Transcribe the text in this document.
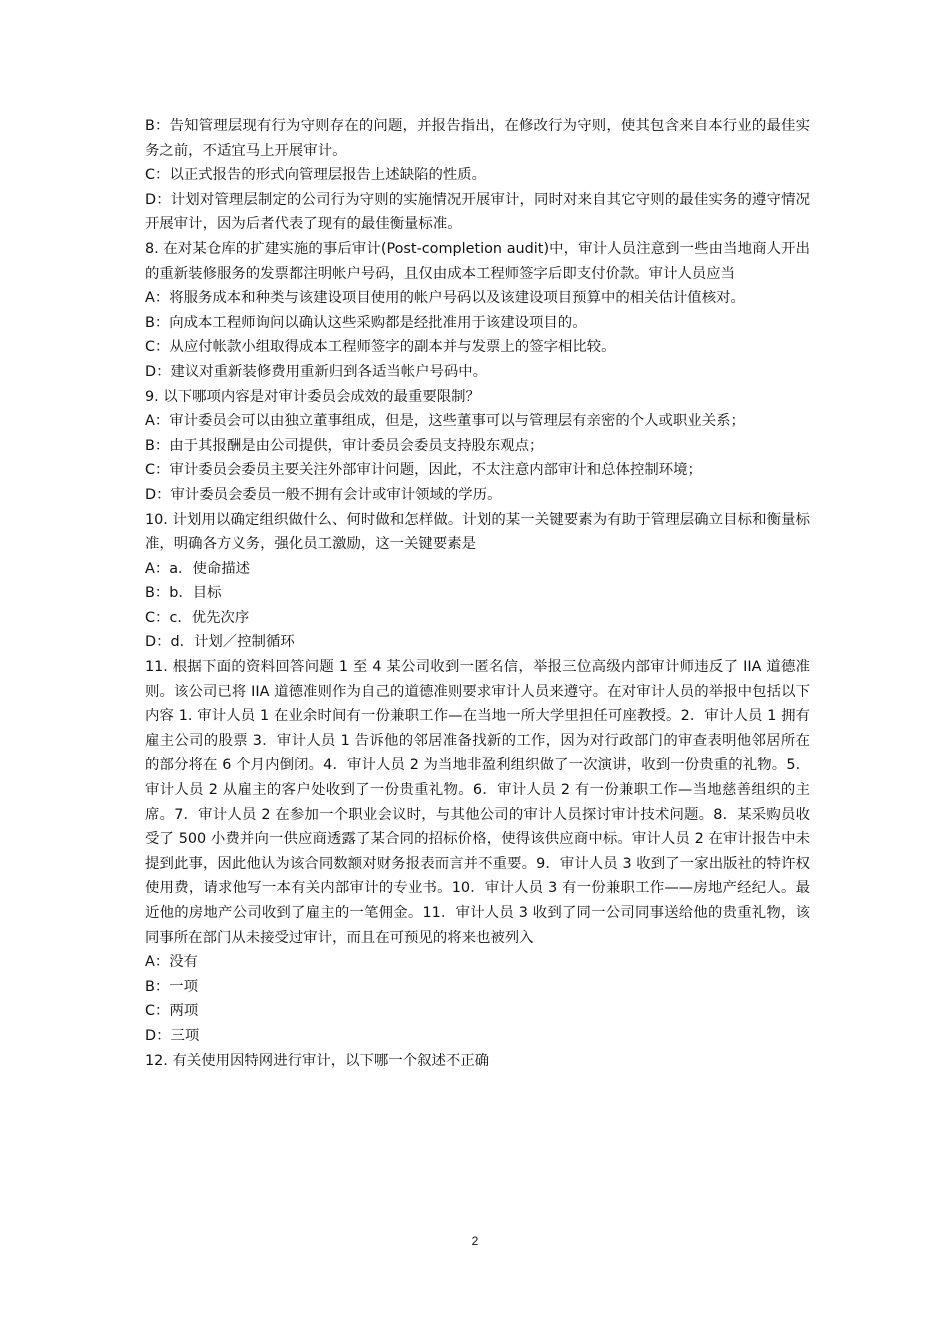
B：告知管理层现有行为守则存在的问题，并报告指出，在修改行为守则，使其包含来自本行业的最佳实务之前，不适宜马上开展审计。

C：以正式报告的形式向管理层报告上述缺陷的性质。

D：计划对管理层制定的公司行为守则的实施情况开展审计，同时对来自其它守则的最佳实务的遵守情况开展审计，因为后者代表了现有的最佳衡量标准。

8. 在对某仓库的扩建实施的事后审计(Post-completion audit)中，审计人员注意到一些由当地商人开出的重新装修服务的发票都注明帐户号码，且仅由成本工程师签字后即支付价款。审计人员应当

A：将服务成本和种类与该建设项目使用的帐户号码以及该建设项目预算中的相关估计值核对。

B：向成本工程师询问以确认这些采购都是经批准用于该建设项目的。

C：从应付帐款小组取得成本工程师签字的副本并与发票上的签字相比较。

D：建议对重新装修费用重新归到各适当帐户号码中。

9. 以下哪项内容是对审计委员会成效的最重要限制？

A：审计委员会可以由独立董事组成，但是，这些董事可以与管理层有亲密的个人或职业关系；

B：由于其报酬是由公司提供，审计委员会委员支持股东观点；

C：审计委员会委员主要关注外部审计问题，因此，不太注意内部审计和总体控制环境；

D：审计委员会委员一般不拥有会计或审计领域的学历。

10. 计划用以确定组织做什么、何时做和怎样做。计划的某一关键要素为有助于管理层确立目标和衡量标准，明确各方义务，强化员工激励，这一关键要素是

A：a．使命描述

B：b．目标

C：c．优先次序

D：d．计划／控制循环

11. 根据下面的资料回答问题 1 至 4 某公司收到一匿名信，举报三位高级内部审计师违反了 IIA 道德准则。该公司已将 IIA 道德准则作为自己的道德准则要求审计人员来遵守。在对审计人员的举报中包括以下内容 1. 审计人员 1 在业余时间有一份兼职工作—在当地一所大学里担任可座教授。2．审计人员 1 拥有雇主公司的股票 3．审计人员 1 告诉他的邻居准备找新的工作，因为对行政部门的审查表明他邻居所在的部分将在 6 个月内倒闭。4．审计人员 2 为当地非盈利组织做了一次演讲，收到一份贵重的礼物。5．审计人员 2 从雇主的客户处收到了一份贵重礼物。6．审计人员 2 有一份兼职工作—当地慈善组织的主席。7．审计人员 2 在参加一个职业会议时，与其他公司的审计人员探讨审计技术问题。8．某采购员收受了 500 小费并向一供应商透露了某合同的招标价格，使得该供应商中标。审计人员 2 在审计报告中未提到此事，因此他认为该合同数额对财务报表而言并不重要。9．审计人员 3 收到了一家出版社的特许权使用费，请求他写一本有关内部审计的专业书。10．审计人员 3 有一份兼职工作——房地产经纪人。最近他的房地产公司收到了雇主的一笔佣金。11．审计人员 3 收到了同一公司同事送给他的贵重礼物，该同事所在部门从未接受过审计，而且在可预见的将来也被列入

A：没有

B：一项

C：两项

D：三项

12. 有关使用因特网进行审计，以下哪一个叙述不正确

2
